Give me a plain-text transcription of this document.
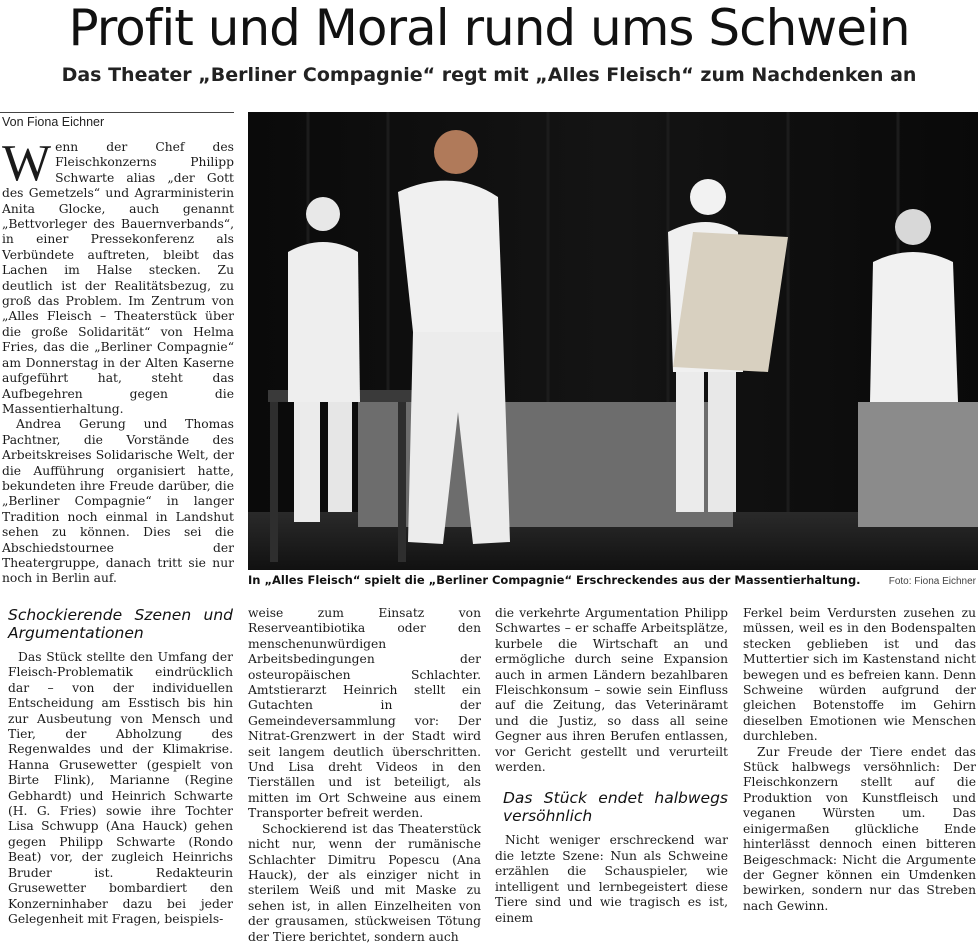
Profit und Moral rund ums Schwein
Das Theater „Berliner Compagnie“ regt mit „Alles Fleisch“ zum Nachdenken an
Von Fiona Eichner

Wenn der Chef des Fleischkonzerns Philipp Schwarte alias „der Gott des Gemetzels“ und Agrarministerin Anita Glocke, auch genannt „Bettvorleger des Bauernverbands“, in einer Pressekonferenz als Verbündete auftreten, bleibt das Lachen im Halse stecken. Zu deutlich ist der Realitätsbezug, zu groß das Problem. Im Zentrum von „Alles Fleisch – Theaterstück über die große Solidarität“ von Helma Fries, das die „Berliner Compagnie“ am Donnerstag in der Alten Kaserne aufgeführt hat, steht das Aufbegehren gegen die Massentierhaltung.

Andrea Gerung und Thomas Pachtner, die Vorstände des Arbeitskreises Solidarische Welt, der die Aufführung organisiert hatte, bekundeten ihre Freude darüber, die „Berliner Compagnie“ in langer Tradition noch einmal in Landshut sehen zu können. Dies sei die Abschiedstournee der Theatergruppe, danach tritt sie nur noch in Berlin auf.	In „Alles Fleisch“ spielt die „Berliner Compagnie“ Erschreckendes aus der Massentierhaltung.	Foto: Fiona Eichner
Schockierende Szenen und Argumentationen

Das Stück stellte den Umfang der Fleisch-Problematik eindrücklich dar – von der individuellen Entscheidung am Esstisch bis hin zur Ausbeutung von Mensch und Tier, der Abholzung des Regenwaldes und der Klimakrise. Hanna Grusewetter (gespielt von Birte Flink), Marianne (Regine Gebhardt) und Heinrich Schwarte (H. G. Fries) sowie ihre Tochter Lisa Schwupp (Ana Hauck) gehen gegen Philipp Schwarte (Rondo Beat) vor, der zugleich Heinrichs Bruder ist. Redakteurin Grusewetter bombardiert den Konzerninhaber dazu bei jeder Gelegenheit mit Fragen, beispiels-

weise zum Einsatz von Reserveantibiotika oder den menschenunwürdigen Arbeitsbedingungen der osteuropäischen Schlachter. Amtstierarzt Heinrich stellt ein Gutachten in der Gemeindeversammlung vor: Der Nitrat-Grenzwert in der Stadt wird seit langem deutlich überschritten. Und Lisa dreht Videos in den Tierställen und ist beteiligt, als mitten im Ort Schweine aus einem Transporter befreit werden.

Schockierend ist das Theaterstück nicht nur, wenn der rumänische Schlachter Dimitru Popescu (Ana Hauck), der als einziger nicht in sterilem Weiß und mit Maske zu sehen ist, in allen Einzelheiten von der grausamen, stückweisen Tötung der Tiere berichtet, sondern auch

die verkehrte Argumentation Philipp Schwartes – er schaffe Arbeitsplätze, kurbele die Wirtschaft an und ermögliche durch seine Expansion auch in armen Ländern bezahlbaren Fleischkonsum – sowie sein Einfluss auf die Zeitung, das Veterinäramt und die Justiz, so dass all seine Gegner aus ihren Berufen entlassen, vor Gericht gestellt und verurteilt werden.

Das Stück endet halbwegs versöhnlich

Nicht weniger erschreckend war die letzte Szene: Nun als Schweine erzählen die Schauspieler, wie intelligent und lernbegeistert diese Tiere sind und wie tragisch es ist, einem

Ferkel beim Verdursten zusehen zu müssen, weil es in den Bodenspalten stecken geblieben ist und das Muttertier sich im Kastenstand nicht bewegen und es befreien kann. Denn Schweine würden aufgrund der gleichen Botenstoffe im Gehirn dieselben Emotionen wie Menschen durchleben.

Zur Freude der Tiere endet das Stück halbwegs versöhnlich: Der Fleischkonzern stellt auf die Produktion von Kunstfleisch und veganen Würsten um. Das einigermaßen glückliche Ende hinterlässt dennoch einen bitteren Beigeschmack: Nicht die Argumente der Gegner können ein Umdenken bewirken, sondern nur das Streben nach Gewinn.
